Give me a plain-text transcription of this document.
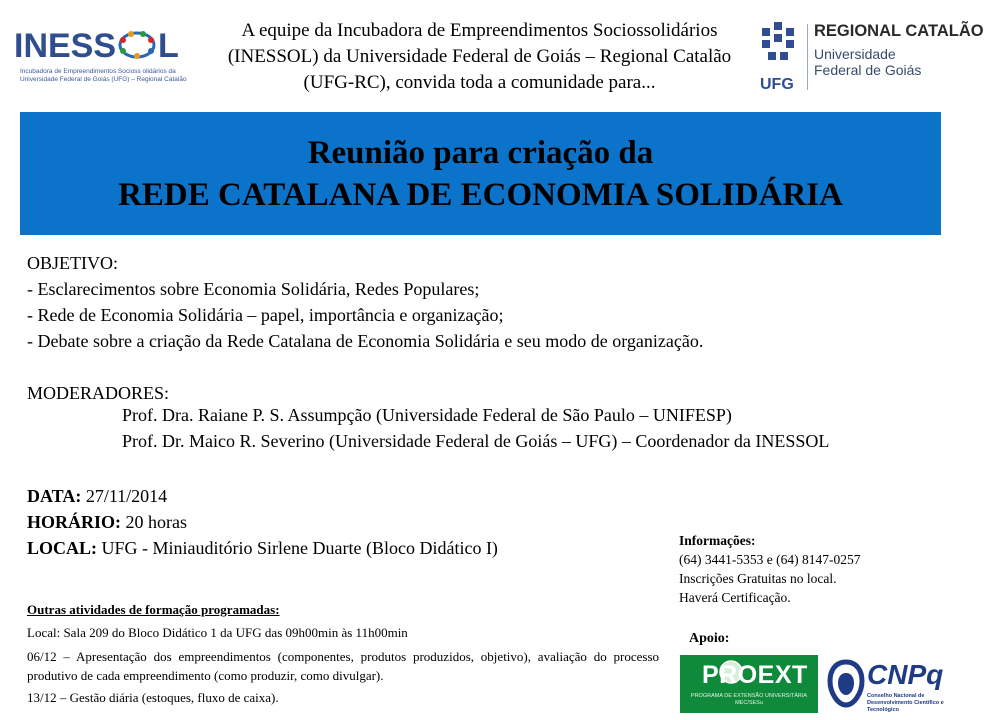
INESS L
Incubadora de Empreendimentos Socioss olidários da Universidade Federal de Goiás (UFG) – Regional Catalão
A equipe da Incubadora de Empreendimentos Sociossolidários (INESSOL) da Universidade Federal de Goiás – Regional Catalão (UFG-RC), convida toda a comunidade para...	UFG
REGIONAL CATALÃO
Universidade
Federal de Goiás
Reunião para criação da
REDE CATALANA DE ECONOMIA SOLIDÁRIA
OBJETIVO:
- Esclarecimentos sobre Economia Solidária, Redes Populares;
- Rede de Economia Solidária – papel, importância e organização;
- Debate sobre a criação da Rede Catalana de Economia Solidária e seu modo de organização.
MODERADORES:
Prof. Dra. Raiane P. S. Assumpção (Universidade Federal de São Paulo – UNIFESP)
Prof. Dr. Maico R. Severino (Universidade Federal de Goiás – UFG) – Coordenador da INESSOL
DATA: 27/11/2014
HORÁRIO: 20 horas
LOCAL: UFG - Miniauditório Sirlene Duarte (Bloco Didático I)	Informações:
(64) 3441-5353 e (64) 8147-0257
Inscrições Gratuitas no local.
Haverá Certificação.
Outras atividades de formação programadas:
Local: Sala 209 do Bloco Didático 1 da UFG das 09h00min às 11h00min
06/12 – Apresentação dos empreendimentos (componentes, produtos produzidos, objetivo), avaliação do processo produtivo de cada empreendimento (como produzir, como divulgar).
13/12 – Gestão diária (estoques, fluxo de caixa).
Apoio:
PROEXT
PROGRAMA DE EXTENSÃO UNIVERSITÁRIA MEC/SESu
CNPq
Conselho Nacional de Desenvolvimento Científico e Tecnológico
